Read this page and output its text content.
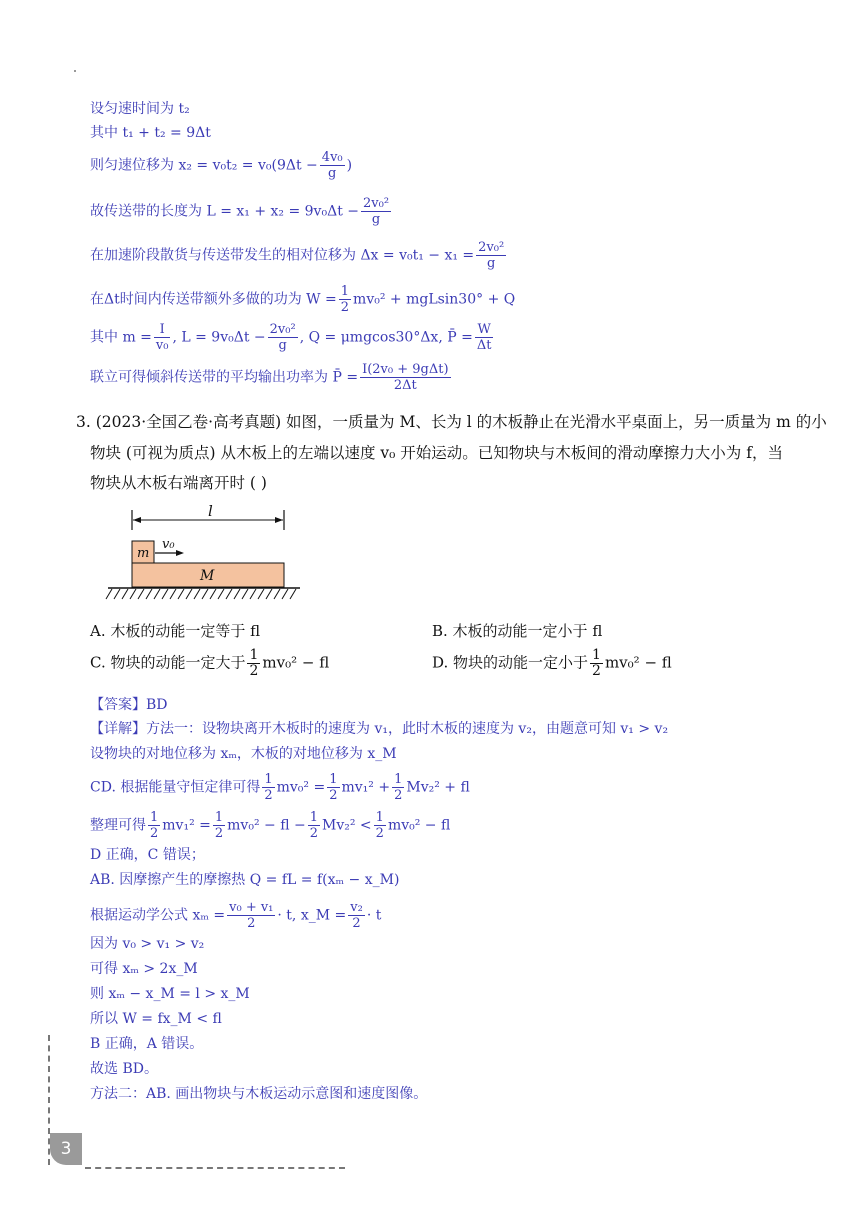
设匀速时间为 t₂
其中 t₁ + t₂ = 9Δt
则匀速位移为 $x_2 = v_0t_2 = v_0(9\Delta t - \frac{\text{4v₀}}{g}$ )
故传送带的长度为 $L = x_1 + x_2 = 9v_0\Delta t - \frac{\text{2v₀²}}{g}$
在加速阶段散货与传送带发生的相对位移为 $\Delta x = v_0t_1 - x_1 = \frac{\text{2v₀²}}{g}$
在Δt时间内传送带额外多做的功为 $W = \frac{1}{2} mv_0^2 + mgLsin30^\circ + Q$
其中 $m = \frac{I}{\text{v₀}}$ , $L = 9v_0\Delta t - \frac{\text{2v₀²}}{g}$ , Q = μmgcos30°Δx, P̄ = $\frac{W}{\Delta t}$
联立可得倾斜传送带的平均输出功率为 P̄ = $\frac{\text{I(2v₀ + 9gΔt)}}{2\Delta t}$
3. (2023·全国乙卷·高考真题) 如图，一质量为 M、长为 l 的木板静止在光滑水平桌面上，另一质量为 m 的小
物块 (可视为质点) 从木板上的左端以速度 v₀ 开始运动。已知物块与木板间的滑动摩擦力大小为 f，当
物块从木板右端离开时 ( )
l
m
v₀
M
A. 木板的动能一定等于 fl	B. 木板的动能一定小于 fl
C. 物块的动能一定大于 $\frac{1}{2} mv_0^2$ − fl	D. 物块的动能一定小于 $\frac{1}{2} mv_0^2$ − fl
【答案】BD
【详解】方法一：设物块离开木板时的速度为 v₁，此时木板的速度为 v₂，由题意可知 v₁ > v₂
设物块的对地位移为 xₘ，木板的对地位移为 x_M
CD. 根据能量守恒定律可得 $\frac{1}{2} mv_0^2 = \frac{1}{2} mv_1^2 + \frac{1}{2} Mv_2^2$ + fl
整理可得 $\frac{1}{2} mv_1^2 = \frac{1}{2} mv_0^2$ − fl − $\frac{1}{2} Mv_2^2 < \frac{1}{2} mv_0^2$ − fl
D 正确，C 错误；
AB. 因摩擦产生的摩擦热 Q = fL = f(xₘ − x_M)
根据运动学公式 $x_m = \frac{\text{v₀ + v₁}}{2} \cdot t$, x_M = $\frac{\text{v₂}}{2} \cdot t$
因为 v₀ > v₁ > v₂
可得 xₘ > 2x_M
则 xₘ − x_M = l > x_M
所以 W = fx_M < fl
B 正确，A 错误。
故选 BD。
方法二：AB. 画出物块与木板运动示意图和速度图像。
3
